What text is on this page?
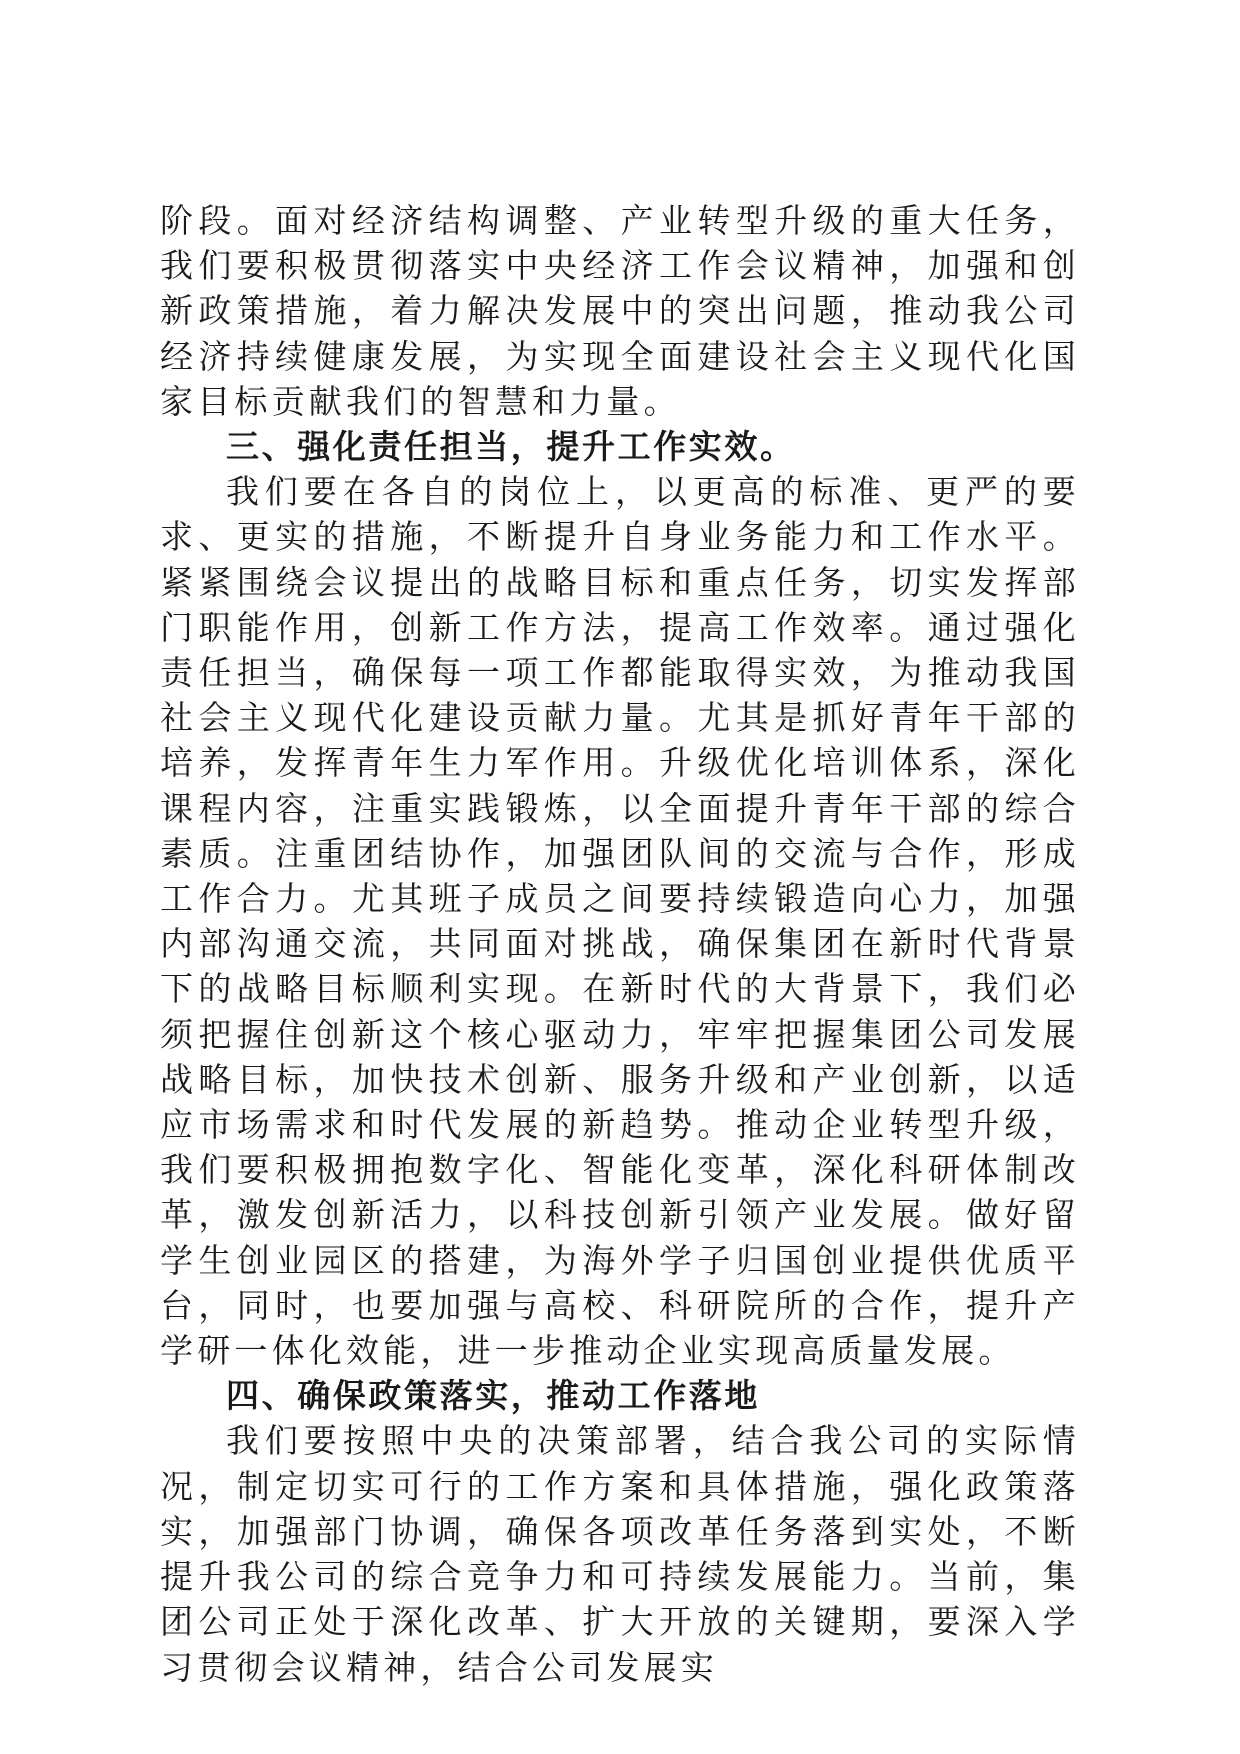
阶段。面对经济结构调整、产业转型升级的重大任务，我们要积极贯彻落实中央经济工作会议精神，加强和创新政策措施，着力解决发展中的突出问题，推动我公司经济持续健康发展，为实现全面建设社会主义现代化国家目标贡献我们的智慧和力量。

三、强化责任担当，提升工作实效。

我们要在各自的岗位上，以更高的标准、更严的要求、更实的措施，不断提升自身业务能力和工作水平。紧紧围绕会议提出的战略目标和重点任务，切实发挥部门职能作用，创新工作方法，提高工作效率。通过强化责任担当，确保每一项工作都能取得实效，为推动我国社会主义现代化建设贡献力量。尤其是抓好青年干部的培养，发挥青年生力军作用。升级优化培训体系，深化课程内容，注重实践锻炼，以全面提升青年干部的综合素质。注重团结协作，加强团队间的交流与合作，形成工作合力。尤其班子成员之间要持续锻造向心力，加强内部沟通交流，共同面对挑战，确保集团在新时代背景下的战略目标顺利实现。在新时代的大背景下，我们必须把握住创新这个核心驱动力，牢牢把握集团公司发展战略目标，加快技术创新、服务升级和产业创新，以适应市场需求和时代发展的新趋势。推动企业转型升级，我们要积极拥抱数字化、智能化变革，深化科研体制改革，激发创新活力，以科技创新引领产业发展。做好留学生创业园区的搭建，为海外学子归国创业提供优质平台，同时，也要加强与高校、科研院所的合作，提升产学研一体化效能，进一步推动企业实现高质量发展。

四、确保政策落实，推动工作落地

我们要按照中央的决策部署，结合我公司的实际情况，制定切实可行的工作方案和具体措施，强化政策落实，加强部门协调，确保各项改革任务落到实处，不断提升我公司的综合竞争力和可持续发展能力。当前，集团公司正处于深化改革、扩大开放的关键期，要深入学习贯彻会议精神，结合公司发展实
